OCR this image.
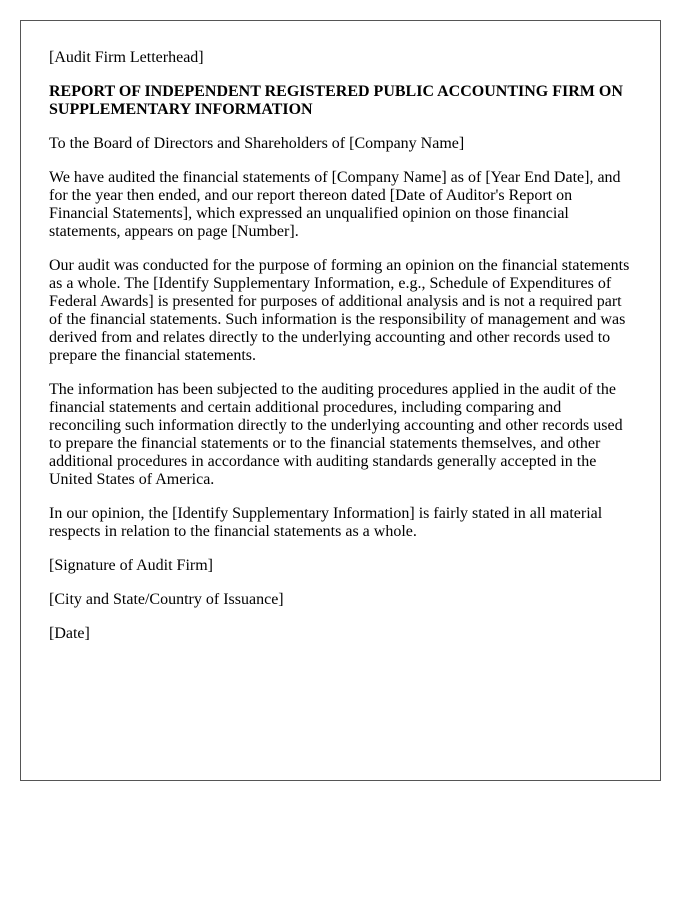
[Audit Firm Letterhead]

REPORT OF INDEPENDENT REGISTERED PUBLIC ACCOUNTING FIRM ON SUPPLEMENTARY INFORMATION

To the Board of Directors and Shareholders of [Company Name]

We have audited the financial statements of [Company Name] as of [Year End Date], and for the year then ended, and our report thereon dated [Date of Auditor's Report on Financial Statements], which expressed an unqualified opinion on those financial statements, appears on page [Number].

Our audit was conducted for the purpose of forming an opinion on the financial statements as a whole. The [Identify Supplementary Information, e.g., Schedule of Expenditures of Federal Awards] is presented for purposes of additional analysis and is not a required part of the financial statements. Such information is the responsibility of management and was derived from and relates directly to the underlying accounting and other records used to prepare the financial statements.

The information has been subjected to the auditing procedures applied in the audit of the financial statements and certain additional procedures, including comparing and reconciling such information directly to the underlying accounting and other records used to prepare the financial statements or to the financial statements themselves, and other additional procedures in accordance with auditing standards generally accepted in the United States of America.

In our opinion, the [Identify Supplementary Information] is fairly stated in all material respects in relation to the financial statements as a whole.

[Signature of Audit Firm]

[City and State/Country of Issuance]

[Date]
